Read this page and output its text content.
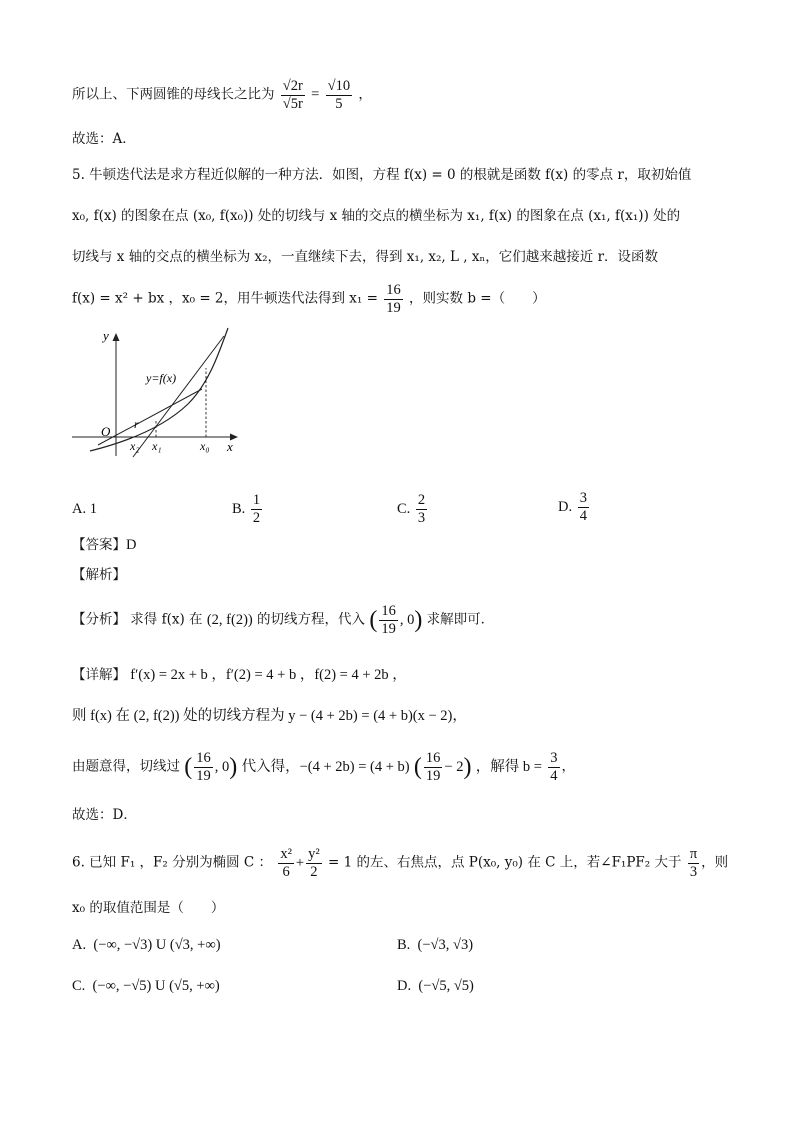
所以上、下两圆锥的母线长之比为 $\frac{√2r}{√5r} = \frac{√10}{5}$ ，
故选：A．
5. 牛顿迭代法是求方程近似解的一种方法．如图，方程 f(x) = 0 的根就是函数 f(x) 的零点 r，取初始值
x₀, f(x) 的图象在点 (x₀, f(x₀)) 处的切线与 x 轴的交点的横坐标为 x₁, f(x) 的图象在点 (x₁, f(x₁)) 处的
切线与 x 轴的交点的横坐标为 x₂，一直继续下去，得到 x₁, x₂, L , xₙ，它们越来越接近 r．设函数
f(x) = x² + bx ，x₀ = 2，用牛顿迭代法得到 $x_1 = \frac{16}{19}$ ，则实数 b =（　　）
y
x
O
y=f(x)
r
x₂ x₁	x₀
A. 1	B. $\frac{1}{2}$	C. $\frac{2}{3}$	D. $\frac{3}{4}$
【答案】D
【解析】
【分析】 求得 f(x) 在 (2, f(2)) 的切线方程，代入 ( $\frac{16}{19}$ , 0) 求解即可．
【详解】 f′(x) = 2x + b ，f′(2) = 4 + b ，f(2) = 4 + 2b ，
则 f(x) 在 (2, f(2)) 处的切线方程为 y − (4 + 2b) = (4 + b)(x − 2)，
由题意得，切线过 ( $\frac{16}{19}$ , 0) 代入得，−(4 + 2b) = (4 + b) ( $\frac{16}{19} - 2$) ，解得 $b = \frac{3}{4}$ ，
故选：D．
6. 已知 F₁ ，F₂ 分别为椭圆 C ： $\frac{\text{x²}}{6} + \frac{\text{y²}}{2} = 1$ 的左、右焦点，点 P(x₀, y₀) 在 C 上，若∠F₁PF₂ 大于 $\frac{\pi}{3}$ ，则
x₀ 的取值范围是（　　）
A. (−∞, −√3) U (√3, +∞)	B. (−√3, √3)
C. (−∞, −√5) U (√5, +∞)	D. (−√5, √5)
